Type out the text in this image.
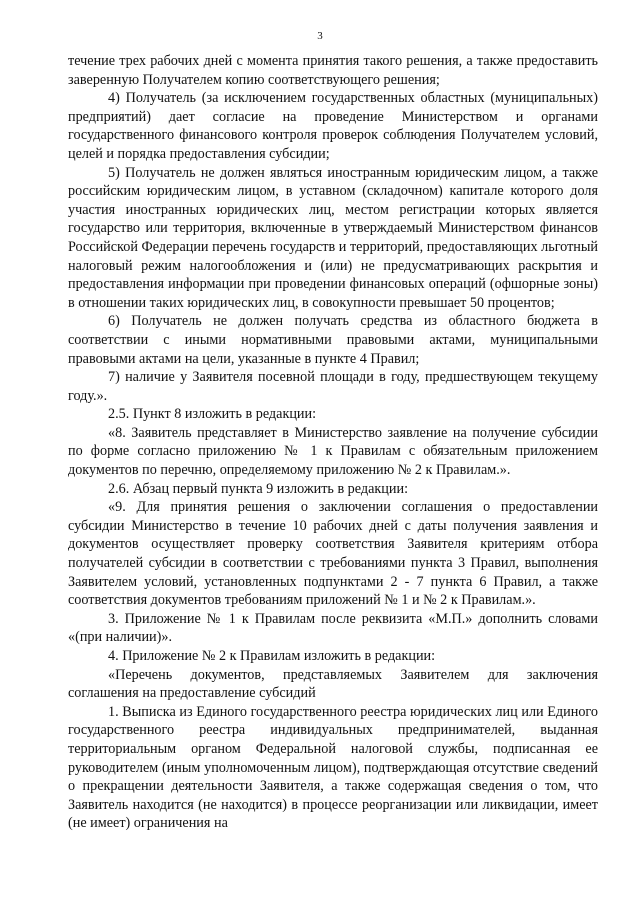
3

течение трех рабочих дней с момента принятия такого решения, а также предоставить заверенную Получателем копию соответствующего решения;

4) Получатель (за исключением государственных областных (муниципальных) предприятий) дает согласие на проведение Министерством и органами государственного финансового контроля проверок соблюдения Получателем условий, целей и порядка предоставления субсидии;

5) Получатель не должен являться иностранным юридическим лицом, а также российским юридическим лицом, в уставном (складочном) капитале которого доля участия иностранных юридических лиц, местом регистрации которых является государство или территория, включенные в утверждаемый Министерством финансов Российской Федерации перечень государств и территорий, предоставляющих льготный налоговый режим налогообложения и (или) не предусматривающих раскрытия и предоставления информации при проведении финансовых операций (офшорные зоны) в отношении таких юридических лиц, в совокупности превышает 50 процентов;

6) Получатель не должен получать средства из областного бюджета в соответствии с иными нормативными правовыми актами, муниципальными правовыми актами на цели, указанные в пункте 4 Правил;

7) наличие у Заявителя посевной площади в году, предшествующем текущему году.».

2.5. Пункт 8 изложить в редакции:

«8. Заявитель представляет в Министерство заявление на получение субсидии по форме согласно приложению № 1 к Правилам с обязательным приложением документов по перечню, определяемому приложению № 2 к Правилам.».

2.6. Абзац первый пункта 9 изложить в редакции:

«9. Для принятия решения о заключении соглашения о предоставлении субсидии Министерство в течение 10 рабочих дней с даты получения заявления и документов осуществляет проверку соответствия Заявителя критериям отбора получателей субсидии в соответствии с требованиями пункта 3 Правил, выполнения Заявителем условий, установленных подпунктами 2 - 7 пункта 6 Правил, а также соответствия документов требованиям приложений № 1 и № 2 к Правилам.».

3. Приложение № 1 к Правилам после реквизита «М.П.» дополнить словами «(при наличии)».

4. Приложение № 2 к Правилам изложить в редакции:

«Перечень документов, представляемых Заявителем для заключения соглашения на предоставление субсидий

1. Выписка из Единого государственного реестра юридических лиц или Единого государственного реестра индивидуальных предпринимателей, выданная территориальным органом Федеральной налоговой службы, подписанная ее руководителем (иным уполномоченным лицом), подтверждающая отсутствие сведений о прекращении деятельности Заявителя, а также содержащая сведения о том, что Заявитель находится (не находится) в процессе реорганизации или ликвидации, имеет (не имеет) ограничения на
